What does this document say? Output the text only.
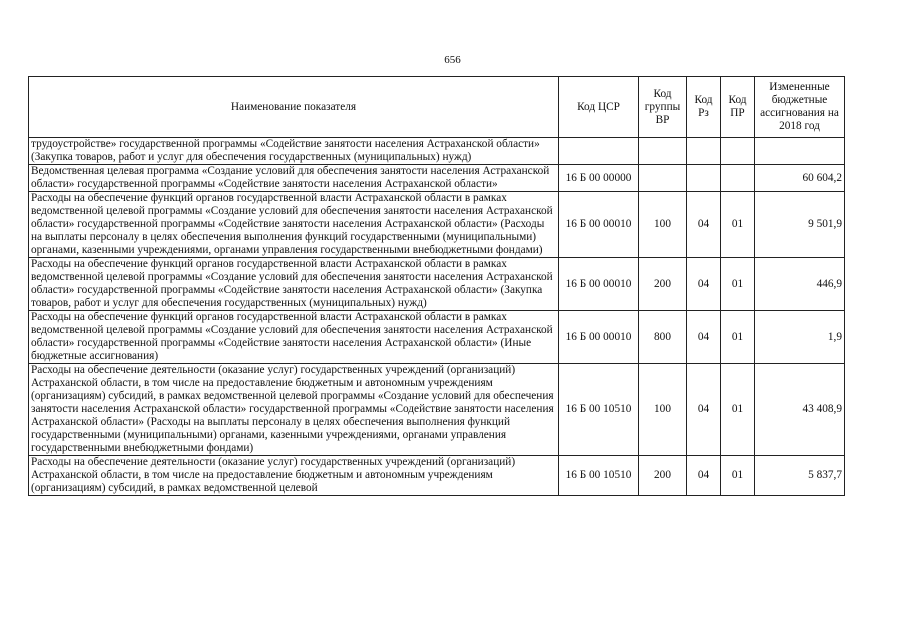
656
Наименование показателя	Код ЦСР	Код группы ВР	Код Рз	Код ПР	Измененные бюджетные ассигнования на 2018 год
трудоустройстве» государственной программы «Содействие занятости населения Астраханской области» (Закупка товаров, работ и услуг для обеспечения государственных (муниципальных) нужд)					
Ведомственная целевая программа «Создание условий для обеспечения занятости населения Астраханской области» государственной программы «Содействие занятости населения Астраханской области»	16 Б 00 00000				60 604,2
Расходы на обеспечение функций органов государственной власти Астраханской области в рамках ведомственной целевой программы «Создание условий для обеспечения занятости населения Астраханской области» государственной программы «Содействие занятости населения Астраханской области» (Расходы на выплаты персоналу в целях обеспечения выполнения функций государственными (муниципальными) органами, казенными учреждениями, органами управления государственными внебюджетными фондами)	16 Б 00 00010	100	04	01	9 501,9
Расходы на обеспечение функций органов государственной власти Астраханской области в рамках ведомственной целевой программы «Создание условий для обеспечения занятости населения Астраханской области» государственной программы «Содействие занятости населения Астраханской области» (Закупка товаров, работ и услуг для обеспечения государственных (муниципальных) нужд)	16 Б 00 00010	200	04	01	446,9
Расходы на обеспечение функций органов государственной власти Астраханской области в рамках ведомственной целевой программы «Создание условий для обеспечения занятости населения Астраханской области» государственной программы «Содействие занятости населения Астраханской области» (Иные бюджетные ассигнования)	16 Б 00 00010	800	04	01	1,9
Расходы на обеспечение деятельности (оказание услуг) государственных учреждений (организаций) Астраханской области, в том числе на предоставление бюджетным и автономным учреждениям (организациям) субсидий, в рамках ведомственной целевой программы «Создание условий для обеспечения занятости населения Астраханской области» государственной программы «Содействие занятости населения Астраханской области» (Расходы на выплаты персоналу в целях обеспечения выполнения функций государственными (муниципальными) органами, казенными учреждениями, органами управления государственными внебюджетными фондами)	16 Б 00 10510	100	04	01	43 408,9
Расходы на обеспечение деятельности (оказание услуг) государственных учреждений (организаций) Астраханской области, в том числе на предоставление бюджетным и автономным учреждениям (организациям) субсидий, в рамках ведомственной целевой	16 Б 00 10510	200	04	01	5 837,7
